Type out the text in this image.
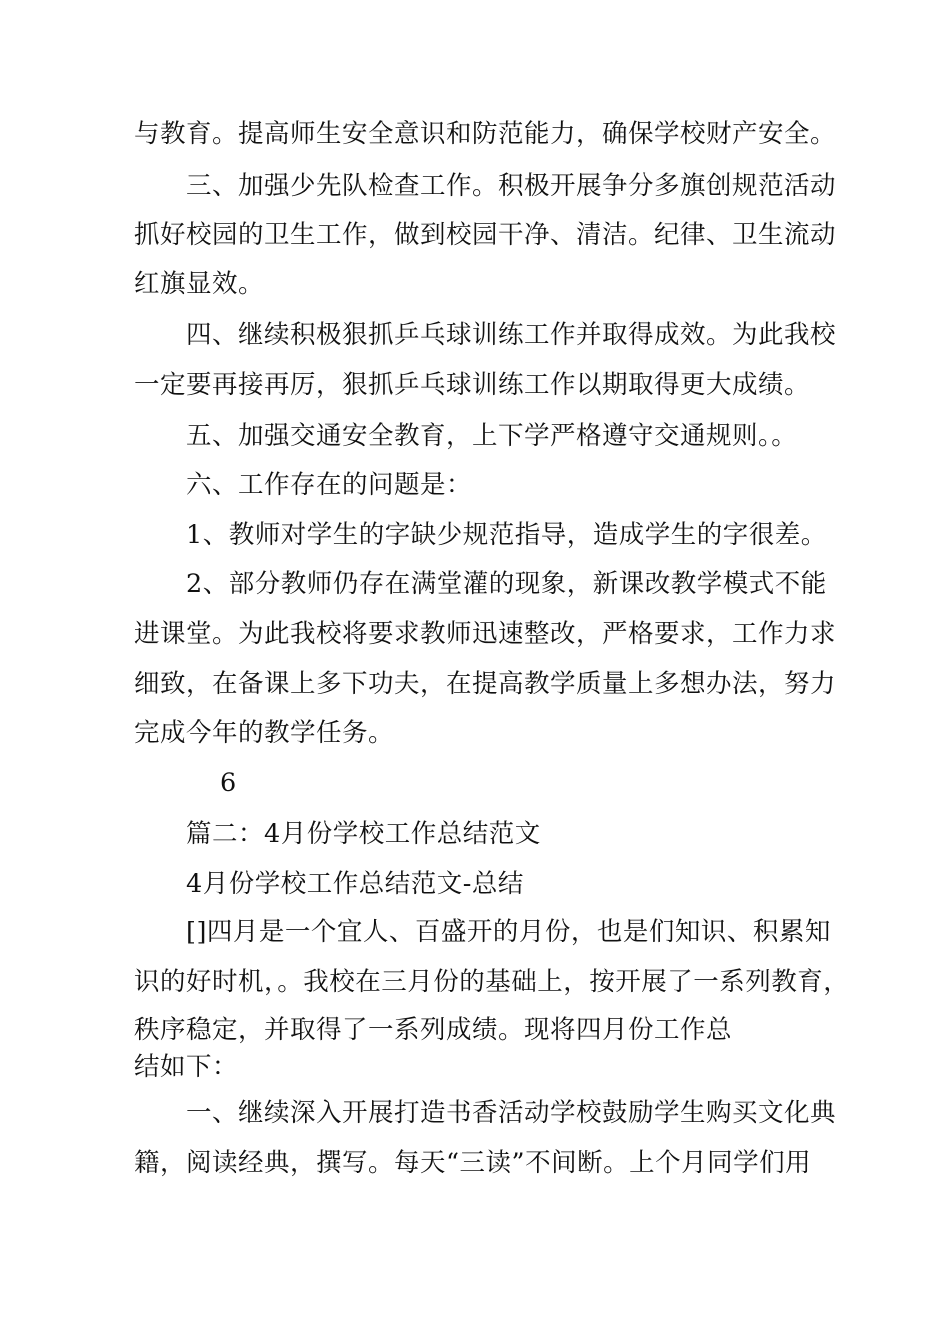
与教育。提高师生安全意识和防范能力，确保学校财产安全。
三、加强少先队检查工作。积极开展争分多旗创规范活动
抓好校园的卫生工作，做到校园干净、清洁。纪律、卫生流动
红旗显效。
四、继续积极狠抓乒乓球训练工作并取得成效。为此我校
一定要再接再厉，狠抓乒乓球训练工作以期取得更大成绩。
五、加强交通安全教育，上下学严格遵守交通规则。。
六、工作存在的问题是：
1、教师对学生的字缺少规范指导，造成学生的字很差。
2、部分教师仍存在满堂灌的现象，新课改教学模式不能
进课堂。为此我校将要求教师迅速整改，严格要求，工作力求
细致，在备课上多下功夫，在提高教学质量上多想办法，努力
完成今年的教学任务。
6
篇二：4月份学校工作总结范文
4月份学校工作总结范文-总结
[]四月是一个宜人、百盛开的月份，也是们知识、积累知
识的好时机，。我校在三月份的基础上，按开展了一系列教育，
秩序稳定，并取得了一系列成绩。现将四月份工作总
结如下：
一、继续深入开展打造书香活动学校鼓励学生购买文化典
籍，阅读经典，撰写。每天“三读”不间断。上个月同学们用
